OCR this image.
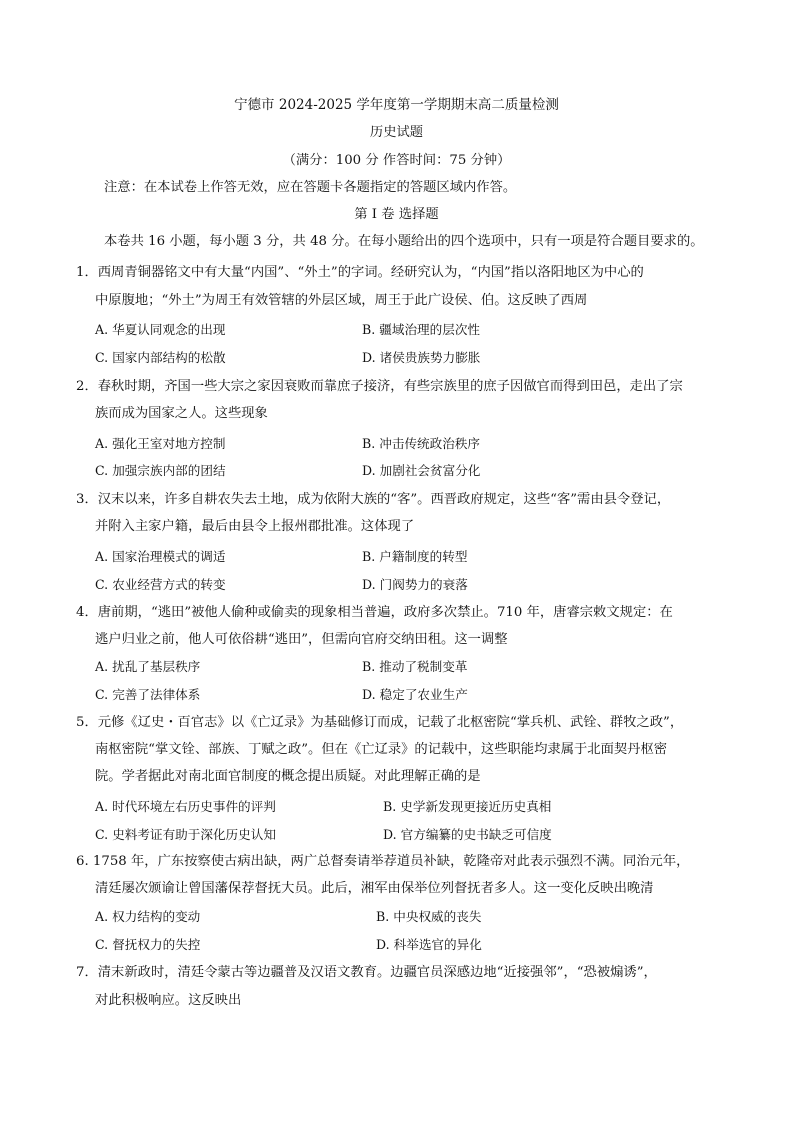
宁德市 2024-2025 学年度第一学期期末高二质量检测
历史试题
（满分：100 分 作答时间：75 分钟）
注意：在本试卷上作答无效，应在答题卡各题指定的答题区域内作答。
第 I 卷 选择题
本卷共 16 小题，每小题 3 分，共 48 分。在每小题给出的四个选项中，只有一项是符合题目要求的。
1．西周青铜器铭文中有大量“内国”、“外土”的字词。经研究认为，“内国”指以洛阳地区为中心的
中原腹地；“外土”为周王有效管辖的外层区域，周王于此广设侯、伯。这反映了西周
A. 华夏认同观念的出现	B. 疆域治理的层次性
C. 国家内部结构的松散	D. 诸侯贵族势力膨胀
2．春秋时期，齐国一些大宗之家因衰败而靠庶子接济，有些宗族里的庶子因做官而得到田邑，走出了宗
族而成为国家之人。这些现象
A. 强化王室对地方控制	B. 冲击传统政治秩序
C. 加强宗族内部的团结	D. 加剧社会贫富分化
3．汉末以来，许多自耕农失去土地，成为依附大族的“客”。西晋政府规定，这些“客”需由县令登记，
并附入主家户籍，最后由县令上报州郡批准。这体现了
A. 国家治理模式的调适	B. 户籍制度的转型
C. 农业经营方式的转变	D. 门阀势力的衰落
4．唐前期，“逃田”被他人偷种或偷卖的现象相当普遍，政府多次禁止。710 年，唐睿宗敕文规定：在
逃户归业之前，他人可依俗耕“逃田”，但需向官府交纳田租。这一调整
A. 扰乱了基层秩序	B. 推动了税制变革
C. 完善了法律体系	D. 稳定了农业生产
5．元修《辽史・百官志》以《亡辽录》为基础修订而成，记载了北枢密院“掌兵机、武铨、群牧之政”，
南枢密院“掌文铨、部族、丁赋之政”。但在《亡辽录》的记载中，这些职能均隶属于北面契丹枢密
院。学者据此对南北面官制度的概念提出质疑。对此理解正确的是
A. 时代环境左右历史事件的评判	B. 史学新发现更接近历史真相
C. 史料考证有助于深化历史认知	D. 官方编纂的史书缺乏可信度
6. 1758 年，广东按察使古病出缺，两广总督奏请举荐道员补缺，乾隆帝对此表示强烈不满。同治元年，
清廷屡次颁谕让曾国藩保荐督抚大员。此后，湘军由保举位列督抚者多人。这一变化反映出晚清
A. 权力结构的变动	B. 中央权威的丧失
C. 督抚权力的失控	D. 科举选官的异化
7．清末新政时，清廷令蒙古等边疆普及汉语文教育。边疆官员深感边地“近接强邻”，“恐被煽诱”，
对此积极响应。这反映出
